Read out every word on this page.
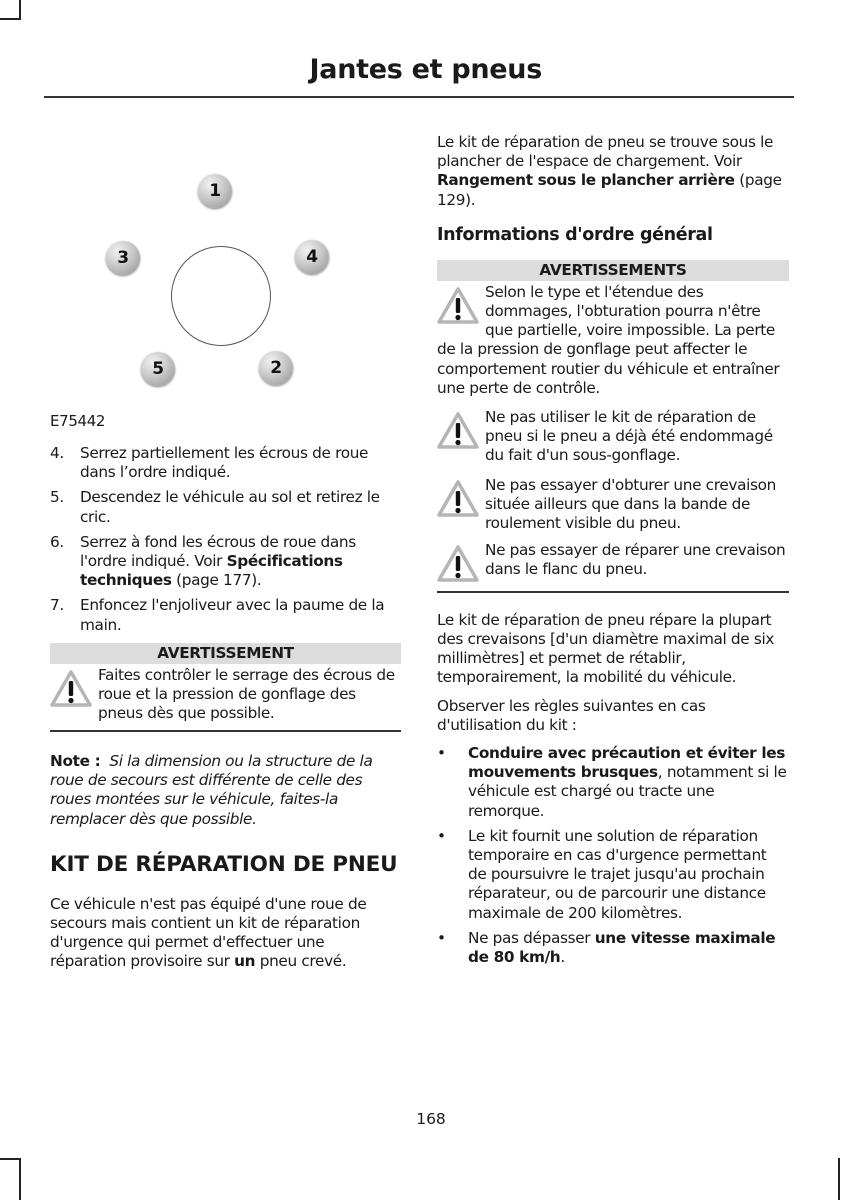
Jantes et pneus
1
2
3	4
5
E75442
4. Serrez partiellement les écrous de roue dans l’ordre indiqué.
5. Descendez le véhicule au sol et retirez le cric.
6. Serrez à fond les écrous de roue dans l'ordre indiqué. Voir Spécifications techniques (page 177).
7. Enfoncez l'enjoliveur avec la paume de la main.
AVERTISSEMENT
Faites contrôler le serrage des écrous de roue et la pression de gonflage des pneus dès que possible.
Note : Si la dimension ou la structure de la roue de secours est différente de celle des roues montées sur le véhicule, faites-la remplacer dès que possible.
KIT DE RÉPARATION DE PNEU

Ce véhicule n'est pas équipé d'une roue de secours mais contient un kit de réparation d'urgence qui permet d'effectuer une réparation provisoire sur un pneu crevé.

Le kit de réparation de pneu se trouve sous le plancher de l'espace de chargement. Voir Rangement sous le plancher arrière (page 129).

Informations d'ordre général
AVERTISSEMENTS
Selon le type et l'étendue des dommages, l'obturation pourra n'être que partielle, voire impossible. La perte de la pression de gonflage peut affecter le comportement routier du véhicule et entraîner une perte de contrôle.
Ne pas utiliser le kit de réparation de pneu si le pneu a déjà été endommagé du fait d'un sous-gonflage.
Ne pas essayer d'obturer une crevaison située ailleurs que dans la bande de roulement visible du pneu.
Ne pas essayer de réparer une crevaison dans le flanc du pneu.

Le kit de réparation de pneu répare la plupart des crevaisons [d'un diamètre maximal de six millimètres] et permet de rétablir, temporairement, la mobilité du véhicule.

Observer les règles suivantes en cas d'utilisation du kit :

• Conduire avec précaution et éviter les mouvements brusques, notamment si le véhicule est chargé ou tracte une remorque.
• Le kit fournit une solution de réparation temporaire en cas d'urgence permettant de poursuivre le trajet jusqu'au prochain réparateur, ou de parcourir une distance maximale de 200 kilomètres.
• Ne pas dépasser une vitesse maximale de 80 km/h.
168
